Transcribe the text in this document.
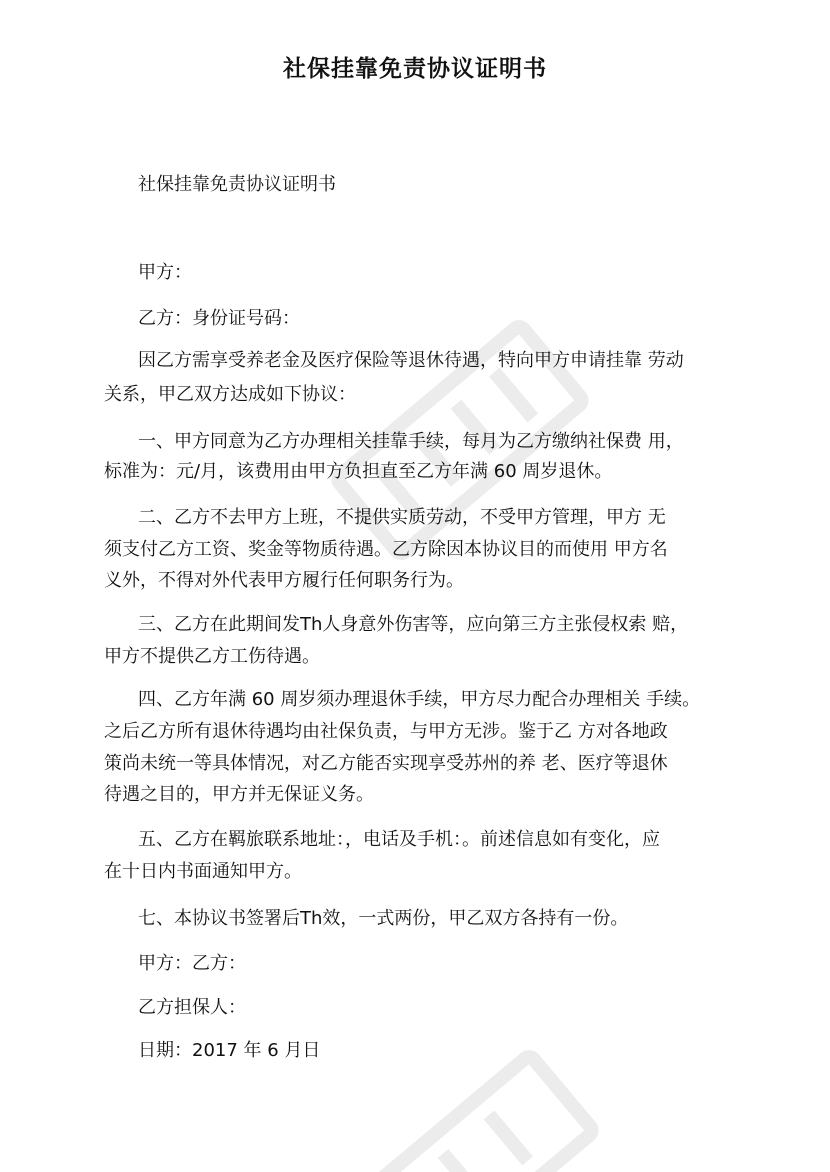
社保挂靠免责协议证明书
社保挂靠免责协议证明书
甲方：
乙方：身份证号码：
因乙方需享受养老金及医疗保险等退休待遇，特向甲方申请挂靠 劳动
关系，甲乙双方达成如下协议：
一、甲方同意为乙方办理相关挂靠手续，每月为乙方缴纳社保费 用，
标准为：元/月，该费用由甲方负担直至乙方年满 60 周岁退休。
二、乙方不去甲方上班，不提供实质劳动，不受甲方管理，甲方 无
须支付乙方工资、奖金等物质待遇。乙方除因本协议目的而使用 甲方名
义外，不得对外代表甲方履行任何职务行为。
三、乙方在此期间发Th人身意外伤害等，应向第三方主张侵权索 赔，
甲方不提供乙方工伤待遇。
四、乙方年满 60 周岁须办理退休手续，甲方尽力配合办理相关 手续。
之后乙方所有退休待遇均由社保负责，与甲方无涉。鉴于乙 方对各地政
策尚未统一等具体情况，对乙方能否实现享受苏州的养 老、医疗等退休
待遇之目的，甲方并无保证义务。
五、乙方在羁旅联系地址：，电话及手机：。前述信息如有变化，应
在十日内书面通知甲方。
七、本协议书签署后Th效，一式两份，甲乙双方各持有一份。
甲方：乙方：
乙方担保人：
日期：2017 年 6 月日
